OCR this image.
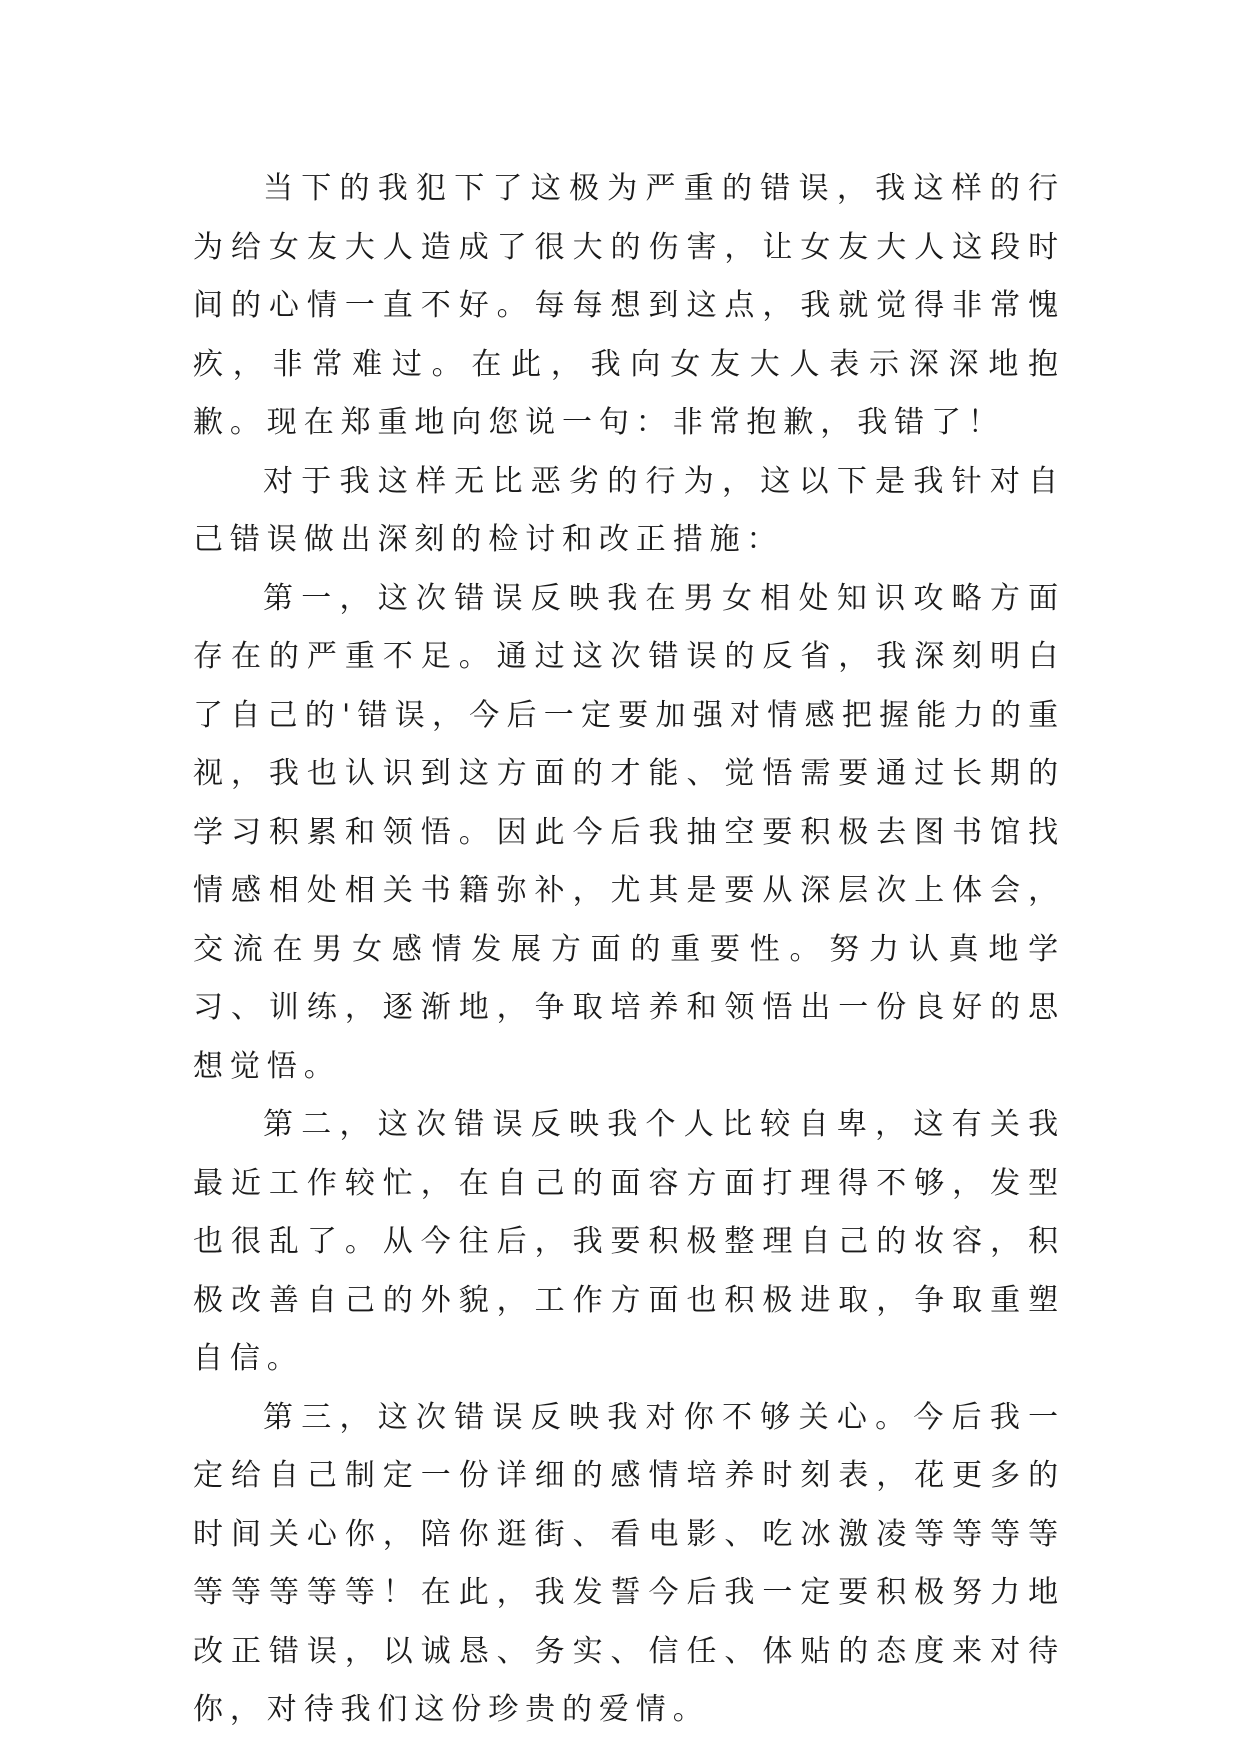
当下的我犯下了这极为严重的错误，我这样的行为给女友大人造成了很大的伤害，让女友大人这段时间的心情一直不好。每每想到这点，我就觉得非常愧疚，非常难过。在此，我向女友大人表示深深地抱歉。现在郑重地向您说一句：非常抱歉，我错了！

对于我这样无比恶劣的行为，这以下是我针对自己错误做出深刻的检讨和改正措施：

第一，这次错误反映我在男女相处知识攻略方面存在的严重不足。通过这次错误的反省，我深刻明白了自己的'错误，今后一定要加强对情感把握能力的重视，我也认识到这方面的才能、觉悟需要通过长期的学习积累和领悟。因此今后我抽空要积极去图书馆找情感相处相关书籍弥补，尤其是要从深层次上体会，交流在男女感情发展方面的重要性。努力认真地学习、训练，逐渐地，争取培养和领悟出一份良好的思想觉悟。

第二，这次错误反映我个人比较自卑，这有关我最近工作较忙，在自己的面容方面打理得不够，发型也很乱了。从今往后，我要积极整理自己的妆容，积极改善自己的外貌，工作方面也积极进取，争取重塑自信。

第三，这次错误反映我对你不够关心。今后我一定给自己制定一份详细的感情培养时刻表，花更多的时间关心你，陪你逛街、看电影、吃冰激凌等等等等等等等等等！在此，我发誓今后我一定要积极努力地改正错误，以诚恳、务实、信任、体贴的态度来对待你，对待我们这份珍贵的爱情。
